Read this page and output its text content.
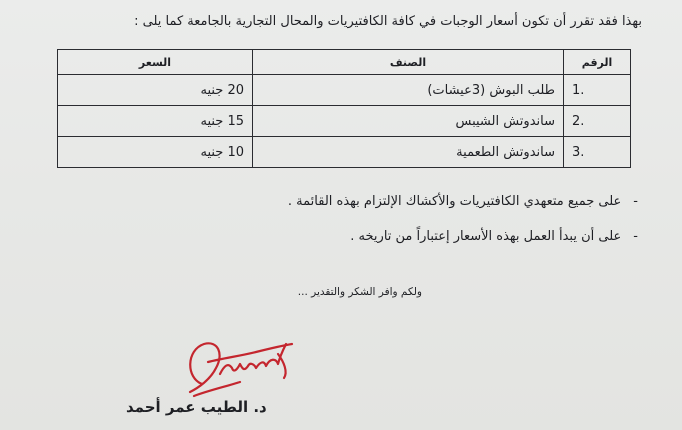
بهذا فقد تقرر أن تكون أسعار الوجبات في كافة الكافتيريات والمحال التجارية بالجامعة كما يلى :
الرقم	الصنف	السعر
1.	طلب البوش (3عيشات)	20 جنيه
2.	ساندوتش الشيبس	15 جنيه
3.	ساندوتش الطعمية	10 جنيه
-على جميع متعهدي الكافتيريات والأكشاك الإلتزام بهذه القائمة .
-على أن يبدأ العمل بهذه الأسعار إعتباراً من تاريخه .
ولكم وافر الشكر والتقدير ...
د. الطيب عمر أحمد
